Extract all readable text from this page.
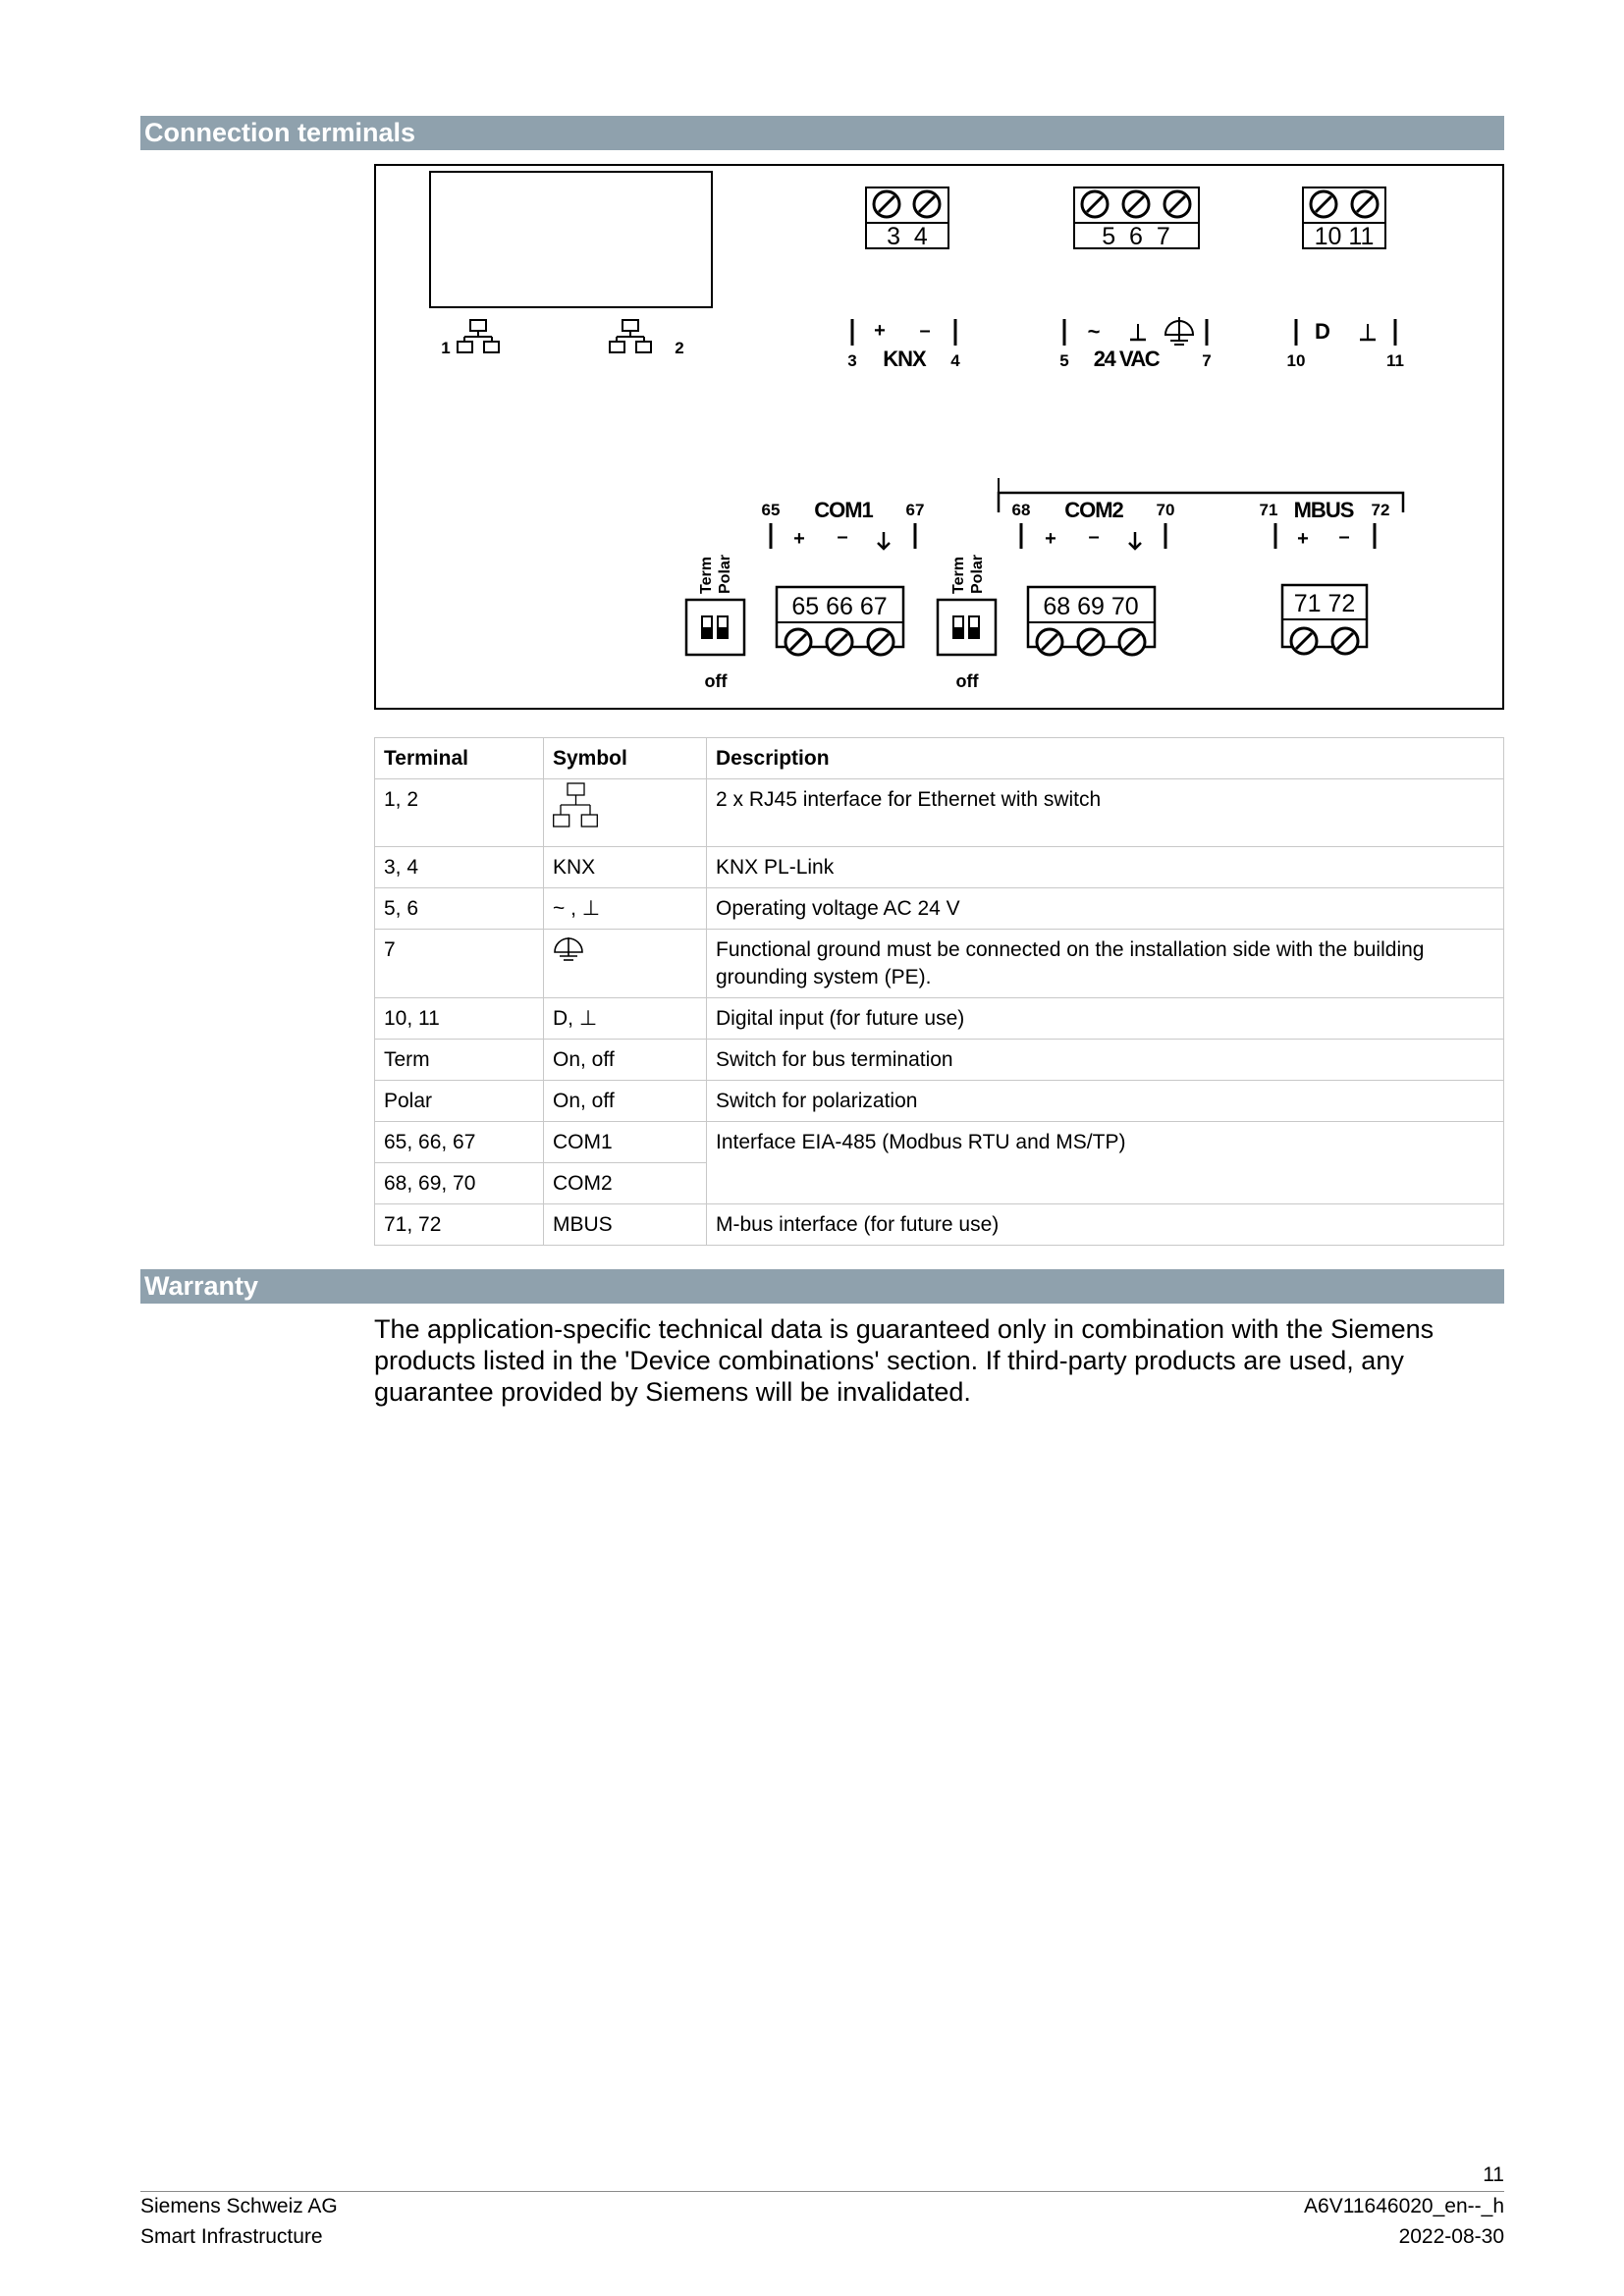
Connection terminals
1	2
3  4	5  6  7	10 11
+ –
3 KNX 4
~
5 24 VAC	7
D
10	11
65 COM1 67
+ –
68 COM2 70
+ –
71 MBUS 72
+ –
Term Polar
off
Term Polar
off
65 66 67	68 69 70	71 72
Terminal	Symbol	Description
1, 2		2 x RJ45 interface for Ethernet with switch
3, 4	KNX	KNX PL-Link
5, 6	~ , ⊥	Operating voltage AC 24 V
7		Functional ground must be connected on the installation side with the building grounding system (PE).
10, 11	D, ⊥	Digital input (for future use)
Term	On, off	Switch for bus termination
Polar	On, off	Switch for polarization
65, 66, 67	COM1	Interface EIA-485 (Modbus RTU and MS/TP)
68, 69, 70	COM2	
71, 72	MBUS	M-bus interface (for future use)
Warranty
The application-specific technical data is guaranteed only in combination with the Siemens products listed in the 'Device combinations' section. If third-party products are used, any guarantee provided by Siemens will be invalidated.
11
Siemens Schweiz AG
Smart Infrastructure
A6V11646020_en--_h
2022-08-30
